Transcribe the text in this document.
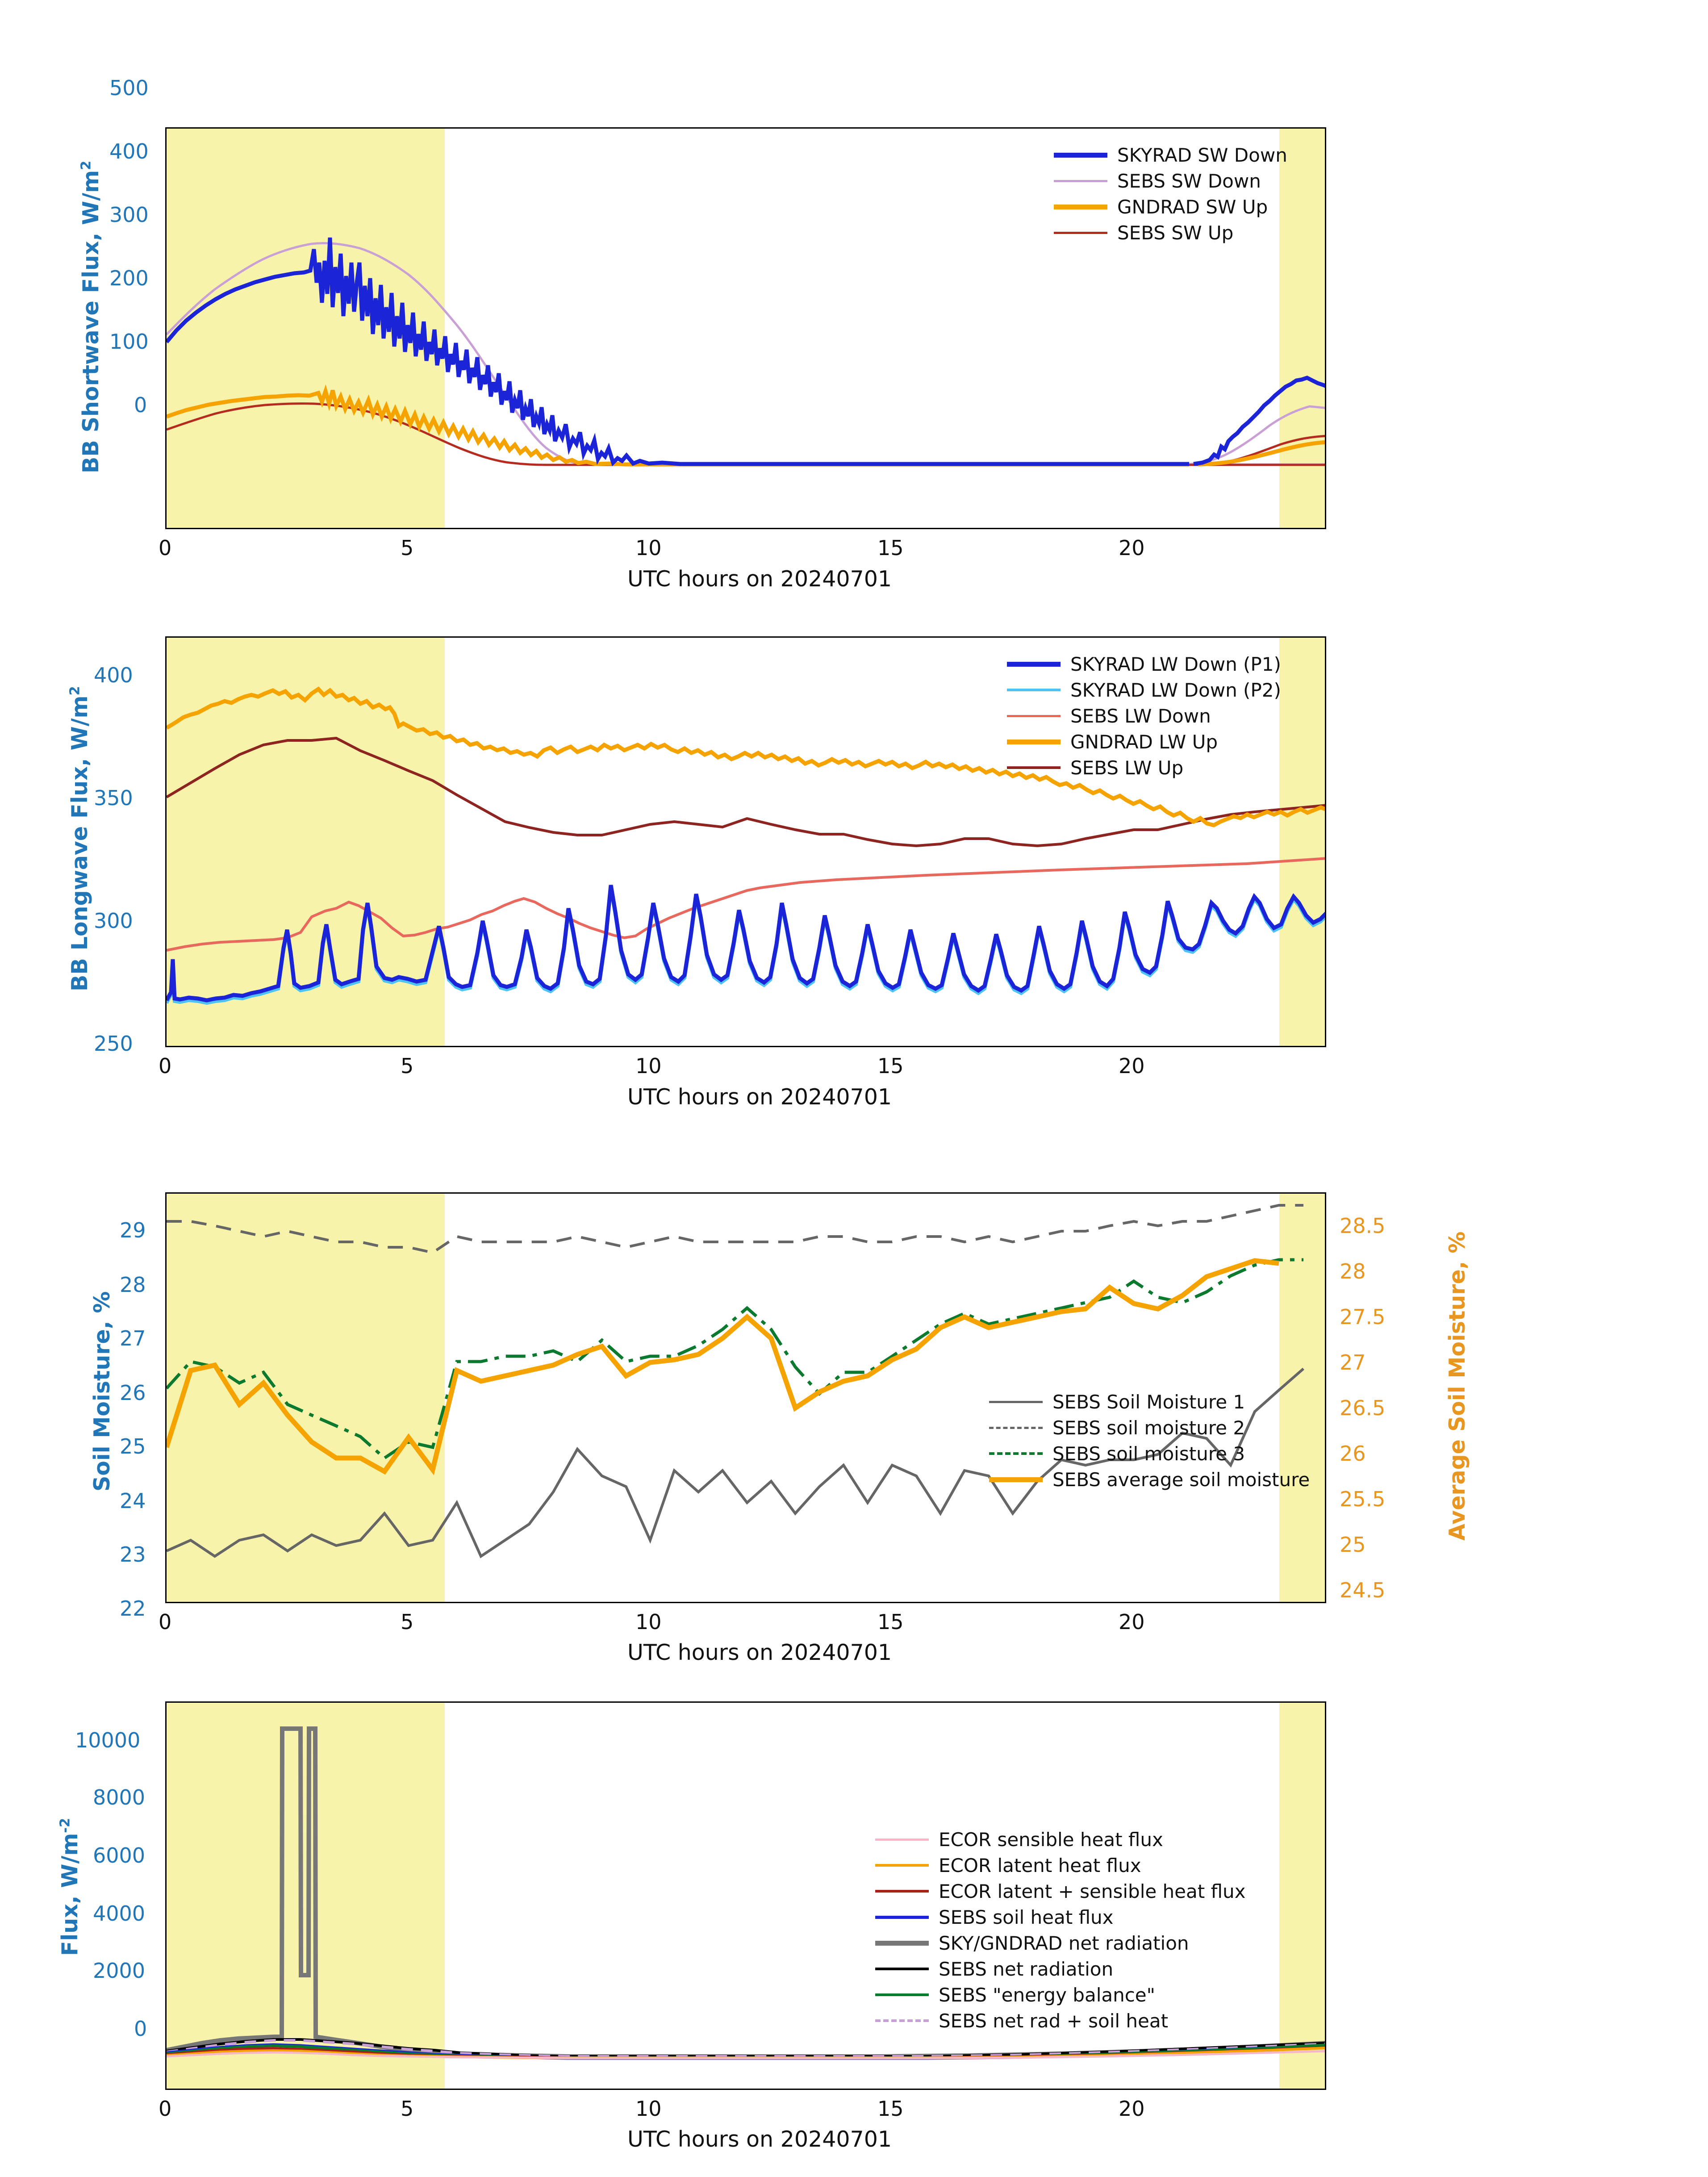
500
400
300
200
100
0
0	5	10	15	20
BB Shortwave Flux, $W/m^2$
UTC hours on 20240701
SKYRAD SW Down
SEBS SW Down
GNDRAD SW Up
SEBS SW Up
400
350
300
250
0	5	10	15	20
BB Longwave Flux, $W/m^2$
UTC hours on 20240701
SKYRAD LW Down (P1)
SKYRAD LW Down (P2)
SEBS LW Down
GNDRAD LW Up
SEBS LW Up
29
28
27
26
25
24
23
22
28.5
28
27.5
27
26.5
26
25.5
25
24.5
0	5	10	15	20
Soil Moisture, %	Average Soil Moisture, %
UTC hours on 20240701
SEBS Soil Moisture 1
SEBS soil moisture 2
SEBS soil moisture 3
SEBS average soil moisture
10000
8000
6000
4000
2000
0
0	5	10	15	20
Flux, $W/m^{-2}$
UTC hours on 20240701
ECOR sensible heat flux
ECOR latent heat flux
ECOR latent + sensible heat flux
SEBS soil heat flux
SKY/GNDRAD net radiation
SEBS net radiation
SEBS "energy balance"
SEBS net rad + soil heat
